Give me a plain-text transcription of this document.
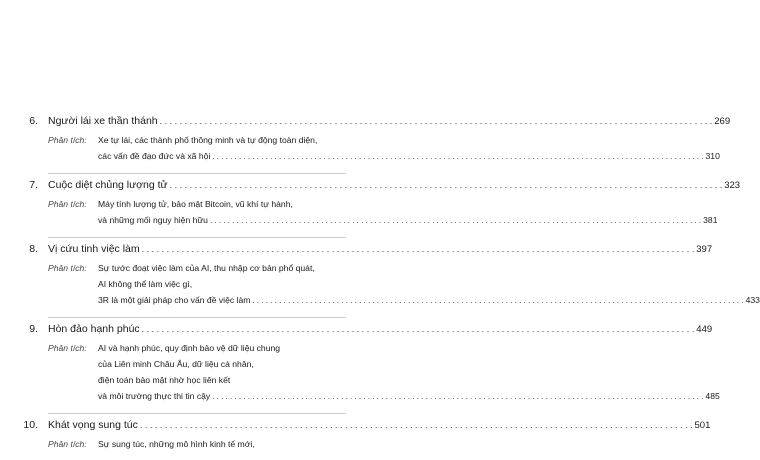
6. Người lái xe thần thánh . . .	269
Phân tích:	Xe tự lái, các thành phố thông minh và tự động toàn diện,
các vấn đề đạo đức và xã hội . . .	310
7. Cuộc diệt chủng lượng tử . . .	323
Phân tích:	Máy tính lượng tử, bảo mật Bitcoin, vũ khí tự hành,
và những mối nguy hiện hữu . . .	381
8. Vị cứu tinh việc làm . . .	397
Phân tích:	Sự tước đoạt việc làm của AI, thu nhập cơ bản phổ quát,
AI không thể làm việc gì,
3R là một giải pháp cho vấn đề việc làm . . .	433
9. Hòn đảo hạnh phúc . . .	449
Phân tích:	AI và hạnh phúc, quy định bảo vệ dữ liệu chung
của Liên minh Châu Âu, dữ liệu cá nhân,
điện toán bảo mật nhờ học liên kết
và môi trường thực thi tin cậy . . .	485
10. Khát vọng sung túc . . .	501
Phân tích:	Sự sung túc, những mô hình kinh tế mới,
